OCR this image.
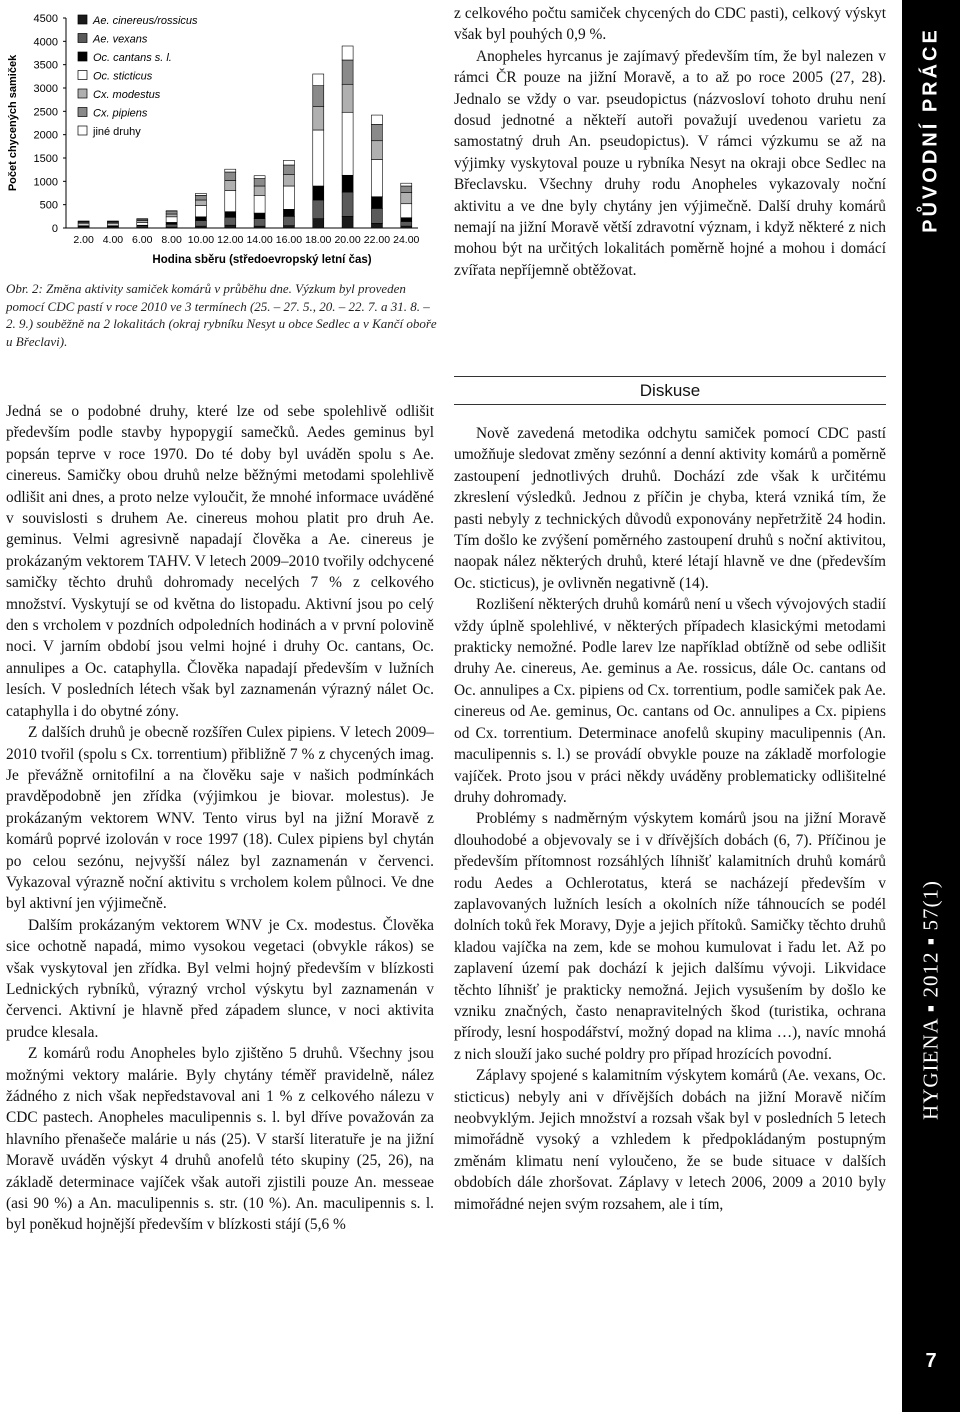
0
500
1000
1500
2000
2500
3000
3500
4000
4500
Počet chycených samiček
2.00 4.00 6.00 8.00 10.00 12.00 14.00 16.00 18.00 20.00 22.00 24.00
Hodina sběru (středoevropský letní čas)
Ae. cinereus/rossicus
Ae. vexans
Oc. cantans s. l.
Oc. sticticus
Cx. modestus
Cx. pipiens
jiné druhy
Obr. 2: Změna aktivity samiček komárů v průběhu dne. Výzkum byl proveden pomocí CDC pastí v roce 2010 ve 3 termínech (25. – 27. 5., 20. – 22. 7. a 31. 8. – 2. 9.) souběžně na 2 lokalitách (okraj rybníku Nesyt u obce Sedlec a v Kančí oboře u Břeclavi).

z celkového počtu samiček chycených do CDC pasti), celkový výskyt však byl pouhých 0,9 %.

Anopheles hyrcanus je zajímavý především tím, že byl nalezen v rámci ČR pouze na jižní Moravě, a to až po roce 2005 (27, 28). Jednalo se vždy o var. pseudopictus (názvosloví tohoto druhu není dosud jednotné a někteří autoři považují uvedenou varietu za samostatný druh An. pseudopictus). V rámci výzkumu se až na výjimky vyskytoval pouze u rybníka Nesyt na okraji obce Sedlec na Břeclavsku. Všechny druhy rodu Anopheles vykazovaly noční aktivitu a ve dne byly chytány jen výjimečně. Další druhy komárů nemají na jižní Moravě větší zdravotní význam, i když některé z nich mohou být na určitých lokalitách poměrně hojné a mohou i domácí zvířata nepříjemně obtěžovat.

Diskuse

Jedná se o podobné druhy, které lze od sebe spolehlivě odlišit především podle stavby hypopygií samečků. Aedes geminus byl popsán teprve v roce 1970. Do té doby byl uváděn spolu s Ae. cinereus. Samičky obou druhů nelze běžnými metodami spolehlivě odlišit ani dnes, a proto nelze vyloučit, že mnohé informace uváděné v souvislosti s druhem Ae. cinereus mohou platit pro druh Ae. geminus. Velmi agresivně napadají člověka a Ae. cinereus je prokázaným vektorem TAHV. V letech 2009–2010 tvořily odchycené samičky těchto druhů dohromady necelých 7 % z celkového množství. Vyskytují se od května do listopadu. Aktivní jsou po celý den s vrcholem v pozdních odpoledních hodinách a v první polovině noci. V jarním období jsou velmi hojné i druhy Oc. cantans, Oc. annulipes a Oc. cataphylla. Člověka napadají především v lužních lesích. V posledních létech však byl zaznamenán výrazný nálet Oc. cataphylla i do obytné zóny.

Z dalších druhů je obecně rozšířen Culex pipiens. V letech 2009–2010 tvořil (spolu s Cx. torrentium) přibližně 7 % z chycených imag. Je převážně ornitofilní a na člověku saje v našich podmínkách pravděpodobně jen zřídka (výjimkou je biovar. molestus). Je prokázaným vektorem WNV. Tento virus byl na jižní Moravě z komárů poprvé izolován v roce 1997 (18). Culex pipiens byl chytán po celou sezónu, nejvyšší nález byl zaznamenán v červenci. Vykazoval výrazně noční aktivitu s vrcholem kolem půlnoci. Ve dne byl aktivní jen výjimečně.

Dalším prokázaným vektorem WNV je Cx. modestus. Člověka sice ochotně napadá, mimo vysokou vegetaci (obvykle rákos) se však vyskytoval jen zřídka. Byl velmi hojný především v blízkosti Lednických rybníků, výrazný vrchol výskytu byl zaznamenán v červenci. Aktivní je hlavně před západem slunce, v noci aktivita prudce klesala.

Z komárů rodu Anopheles bylo zjištěno 5 druhů. Všechny jsou možnými vektory malárie. Byly chytány téměř pravidelně, nález žádného z nich však nepředstavoval ani 1 % z celkového nálezu v CDC pastech. Anopheles maculipennis s. l. byl dříve považován za hlavního přenašeče malárie u nás (25). V starší literatuře je na jižní Moravě uváděn výskyt 4 druhů anofelů této skupiny (25, 26), na základě determinace vajíček však autoři zjistili pouze An. messeae (asi 90 %) a An. maculipennis s. str. (10 %). An. maculipennis s. l. byl poněkud hojnější především v blízkosti stájí (5,6 %

Nově zavedená metodika odchytu samiček pomocí CDC pastí umožňuje sledovat změny sezónní a denní aktivity komárů a poměrně zastoupení jednotlivých druhů. Dochází zde však k určitému zkreslení výsledků. Jednou z příčin je chyba, která vzniká tím, že pasti nebyly z technických důvodů exponovány nepřetržitě 24 hodin. Tím došlo ke zvýšení poměrného zastoupení druhů s noční aktivitou, naopak nález některých druhů, které létají hlavně ve dne (především Oc. sticticus), je ovlivněn negativně (14).

Rozlišení některých druhů komárů není u všech vývojových stadií vždy úplně spolehlivé, v některých případech klasickými metodami prakticky nemožné. Podle larev lze například obtížně od sebe odlišit druhy Ae. cinereus, Ae. geminus a Ae. rossicus, dále Oc. cantans od Oc. annulipes a Cx. pipiens od Cx. torrentium, podle samiček pak Ae. cinereus od Ae. geminus, Oc. cantans od Oc. annulipes a Cx. pipiens od Cx. torrentium. Determinace anofelů skupiny maculipennis (An. maculipennis s. l.) se provádí obvykle pouze na základě morfologie vajíček. Proto jsou v práci někdy uváděny problematicky odlišitelné druhy dohromady.

Problémy s nadměrným výskytem komárů jsou na jižní Moravě dlouhodobé a objevovaly se i v dřívějších dobách (6, 7). Příčinou je především přítomnost rozsáhlých líhnišť kalamitních druhů komárů rodu Aedes a Ochlerotatus, která se nacházejí především v zaplavovaných lužních lesích a okolních níže táhnoucích se podél dolních toků řek Moravy, Dyje a jejich přítoků. Samičky těchto druhů kladou vajíčka na zem, kde se mohou kumulovat i řadu let. Až po zaplavení území pak dochází k jejich dalšímu vývoji. Likvidace těchto líhnišť je prakticky nemožná. Jejich vysušením by došlo ke vzniku značných, často nenapravitelných škod (turistika, ochrana přírody, lesní hospodářství, možný dopad na klima …), navíc mnohá z nich slouží jako suché poldry pro případ hrozících povodní.

Záplavy spojené s kalamitním výskytem komárů (Ae. vexans, Oc. sticticus) nebyly ani v dřívějších dobách na jižní Moravě ničím neobvyklým. Jejich množství a rozsah však byl v posledních 5 letech mimořádně vysoký a vzhledem k předpokládaným postupným změnám klimatu není vyloučeno, že se bude situace v dalších obdobích dále zhoršovat. Záplavy v letech 2006, 2009 a 2010 byly mimořádné nejen svým rozsahem, ale i tím,

PŮVODNÍ PRÁCE
HYGIENA ▪ 2012 ▪ 57(1)
7
